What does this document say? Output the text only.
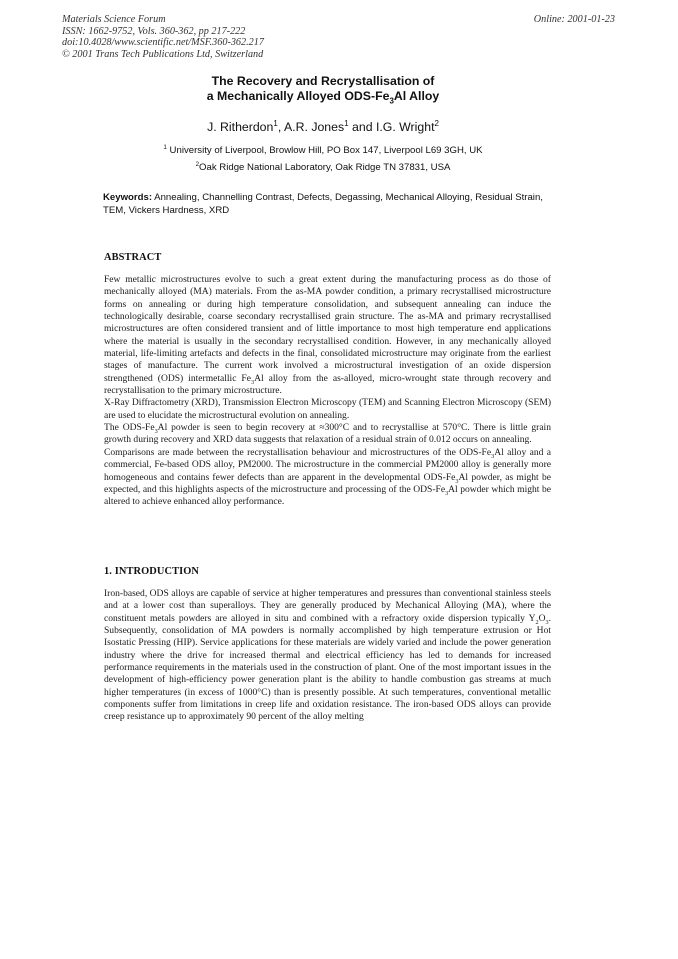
Materials Science Forum
ISSN: 1662-9752, Vols. 360-362, pp 217-222
doi:10.4028/www.scientific.net/MSF.360-362.217
© 2001 Trans Tech Publications Ltd, Switzerland
Online: 2001-01-23
The Recovery and Recrystallisation of
a Mechanically Alloyed ODS-$Fe_3Al$ Alloy
J. Ritherdon$^1$, A.R. Jones$^1$ and I.G. Wright$^2$
$^1$ University of Liverpool, Browlow Hill, PO Box 147, Liverpool L69 3GH, UK
$^2$Oak Ridge National Laboratory, Oak Ridge TN 37831, USA
Keywords: Annealing, Channelling Contrast, Defects, Degassing, Mechanical Alloying, Residual Strain, TEM, Vickers Hardness, XRD
ABSTRACT

Few metallic microstructures evolve to such a great extent during the manufacturing process as do those of mechanically alloyed (MA) materials. From the as-MA powder condition, a primary recrystallised microstructure forms on annealing or during high temperature consolidation, and subsequent annealing can induce the technologically desirable, coarse secondary recrystallised grain structure. The as-MA and primary recrystallised microstructures are often considered transient and of little importance to most high temperature end applications where the material is usually in the secondary recrystallised condition. However, in any mechanically alloyed material, life-limiting artefacts and defects in the final, consolidated microstructure may originate from the earliest stages of manufacture. The current work involved a microstructural investigation of an oxide dispersion strengthened (ODS) intermetallic $Fe_3Al$ alloy from the as-alloyed, micro-wrought state through recovery and recrystallisation to the primary microstructure.

X-Ray Diffractometry (XRD), Transmission Electron Microscopy (TEM) and Scanning Electron Microscopy (SEM) are used to elucidate the microstructural evolution on annealing.

The ODS-$Fe_3Al$ powder is seen to begin recovery at ≈300°C and to recrystallise at 570°C. There is little grain growth during recovery and XRD data suggests that relaxation of a residual strain of 0.012 occurs on annealing.

Comparisons are made between the recrystallisation behaviour and microstructures of the ODS-$Fe_3Al$ alloy and a commercial, Fe-based ODS alloy, PM2000. The microstructure in the commercial PM2000 alloy is generally more homogeneous and contains fewer defects than are apparent in the developmental ODS-$Fe_3Al$ powder, as might be expected, and this highlights aspects of the microstructure and processing of the ODS-$Fe_3Al$ powder which might be altered to achieve enhanced alloy performance.

1. INTRODUCTION

Iron-based, ODS alloys are capable of service at higher temperatures and pressures than conventional stainless steels and at a lower cost than superalloys. They are generally produced by Mechanical Alloying (MA), where the constituent metals powders are alloyed in situ and combined with a refractory oxide dispersion typically $Y_2O_3$. Subsequently, consolidation of MA powders is normally accomplished by high temperature extrusion or Hot Isostatic Pressing (HIP). Service applications for these materials are widely varied and include the power generation industry where the drive for increased thermal and electrical efficiency has led to demands for increased performance requirements in the materials used in the construction of plant. One of the most important issues in the development of high-efficiency power generation plant is the ability to handle combustion gas streams at much higher temperatures (in excess of 1000°C) than is presently possible. At such temperatures, conventional metallic components suffer from limitations in creep life and oxidation resistance. The iron-based ODS alloys can provide creep resistance up to approximately 90 percent of the alloy melting
